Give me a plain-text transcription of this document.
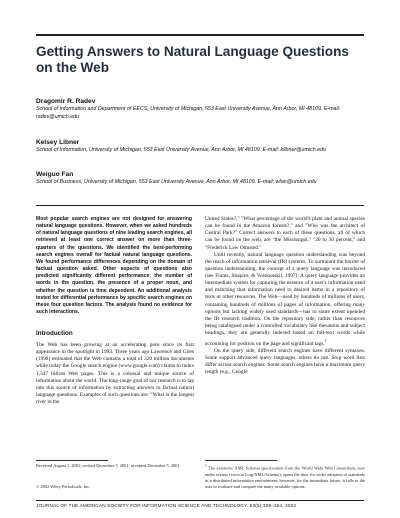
Getting Answers to Natural Language Questions on the Web
Dragomir R. Radev
School of Information and Department of EECS, University of Michigan, 553 East University Avenue, Ann Arbor, MI 48109. E-mail: radev@umich.edu
Kelsey Libner
School of Information, University of Michigan, 553 East University Avenue, Ann Arbor, MI 48109. E-mail: klibner@umich.edu
Weiguo Fan
School of Business, University of Michigan, 553 East University Avenue, Ann Arbor, MI 48109. E-mail: wfan@umich.edu
Most popular search engines are not designed for answering natural language questions. However, when we asked hundreds of natural language questions of nine leading search engines, all retrieved at least one correct answer on more than three-quarters of the questions. We identified the best-performing search engines overall for factual natural language questions. We found performance differences depending on the domain of factual question asked. Other aspects of questions also predicted significantly different performance: the number of words in the question, the presence of a proper noun, and whether the question is time dependent. An additional analysis tested for differential performance by specific search engines on these four question factors. The analysis found no evidence for such interactions.
Introduction

The Web has been growing at an accelerating pace since its first appearance in the spotlight in 1993. Three years ago Lawrence and Giles (1998) estimated that the Web contains a total of 320 million documents while today the Google search engine (www.google.com) claims to index 1,347 billion Web pages. This is a colossal and unique source of information about the world. The long-range goal of our research is to tap into this source of information by extracting answers to factual natural language questions. Examples of such questions are: "What is the longest river in the

United States?," "What percentage of the world's plant and animal species can be found in the Amazon forests?," and "Who was the architect of Central Park?" Correct answers to each of these questions, all of which can be found on the web, are "the Mississippi," "20 to 30 percent," and "Frederick Law Olmsted."

Until recently, natural language question understanding was beyond the reach of information retrieval (IR) systems. To surmount the barrier of question understanding, the concept of a query language was introduced (see Frants, Shapiro, & Voiskunskii, 1997). A query language provides an intermediate system for capturing the essence of a user's information need and matching that information need to desired items in a repository of texts or other resources. The Web—used by hundreds of millions of users, containing hundreds of millions of pages of information, offering many options but lacking widely used standards—has to some extent upended the IR research tradition. On the repository side, rather than resources being catalogued under a controlled vocabulary like thesaurus and subject headings, they are generally indexed based on full-text words while accounting for position on the page and significant tags.$^1$

On the query side, different search engines have different syntaxes. Some support advanced query languages, others do not. Stop word lists differ across search engines. Some search engines have a maximum query length (e.g., Google

Received August 1, 2001; revised December 5, 2001; accepted December 5, 2001.
© 2002 Wiley Periodicals, Inc.
$^1$ The extensive XML Schema specification from the World Wide Web Consortium, now under review (www.w3.org/XML/Schema), opens the door for wider adoption of standards in a distributed information environment; however, for the immediate future, it falls to the user to evaluate and compare the many available options.
JOURNAL OF THE AMERICAN SOCIETY FOR INFORMATION SCIENCE AND TECHNOLOGY, 53(5):359–364, 2002
